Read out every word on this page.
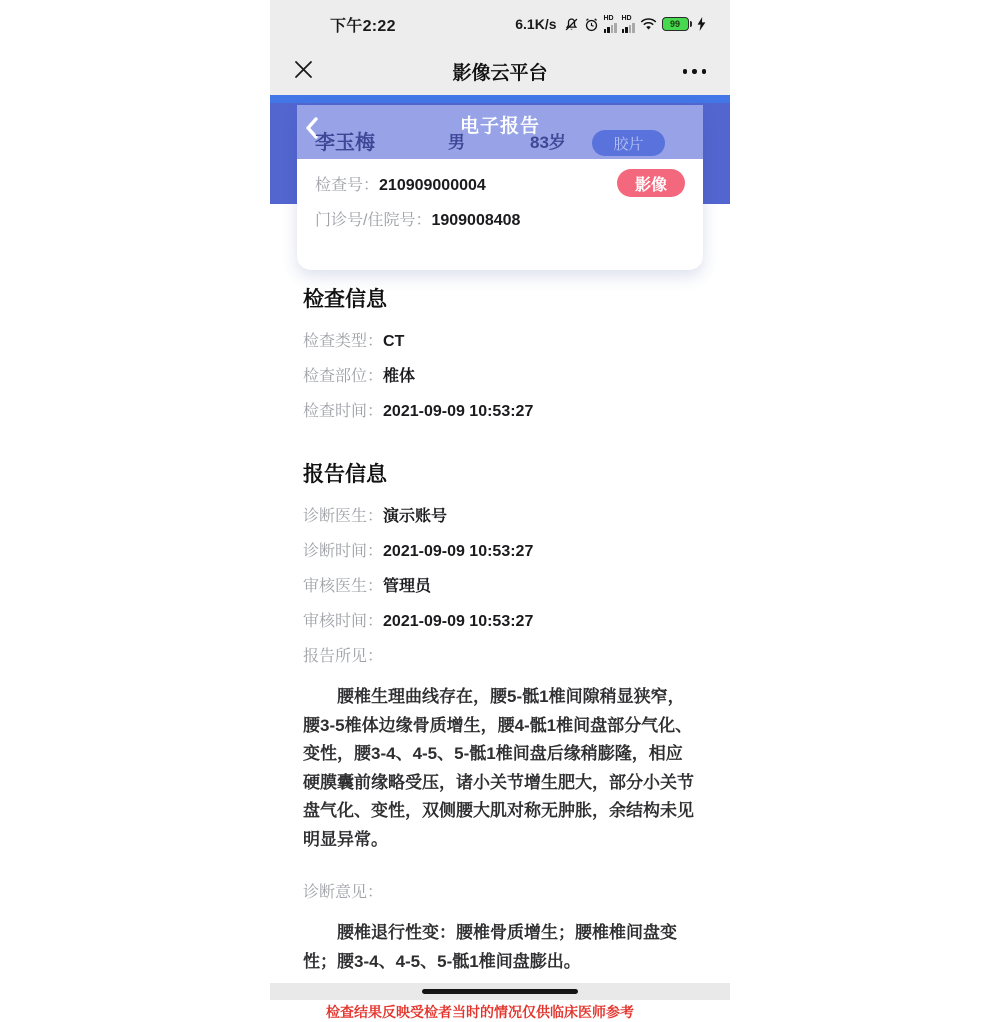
下午2:22	6.1K/s	HD HD
99
影像云平台
电子报告
李玉梅	男	83岁	胶片
检查号：210909000004	影像
门诊号/住院号：1909008408
检查信息
检查类型：CT
检查部位：椎体
检查时间：2021-09-09 10:53:27
报告信息
诊断医生：演示账号
诊断时间：2021-09-09 10:53:27
审核医生：管理员
审核时间：2021-09-09 10:53:27
报告所见：

腰椎生理曲线存在，腰5-骶1椎间隙稍显狭窄，腰3-5椎体边缘骨质增生，腰4-骶1椎间盘部分气化、变性，腰3-4、4-5、5-骶1椎间盘后缘稍膨隆，相应硬膜囊前缘略受压，诸小关节增生肥大，部分小关节盘气化、变性，双侧腰大肌对称无肿胀，余结构未见明显异常。

诊断意见：

腰椎退行性变：腰椎骨质增生；腰椎椎间盘变性；腰3-4、4-5、5-骶1椎间盘膨出。

检查结果反映受检者当时的情况仅供临床医师参考
